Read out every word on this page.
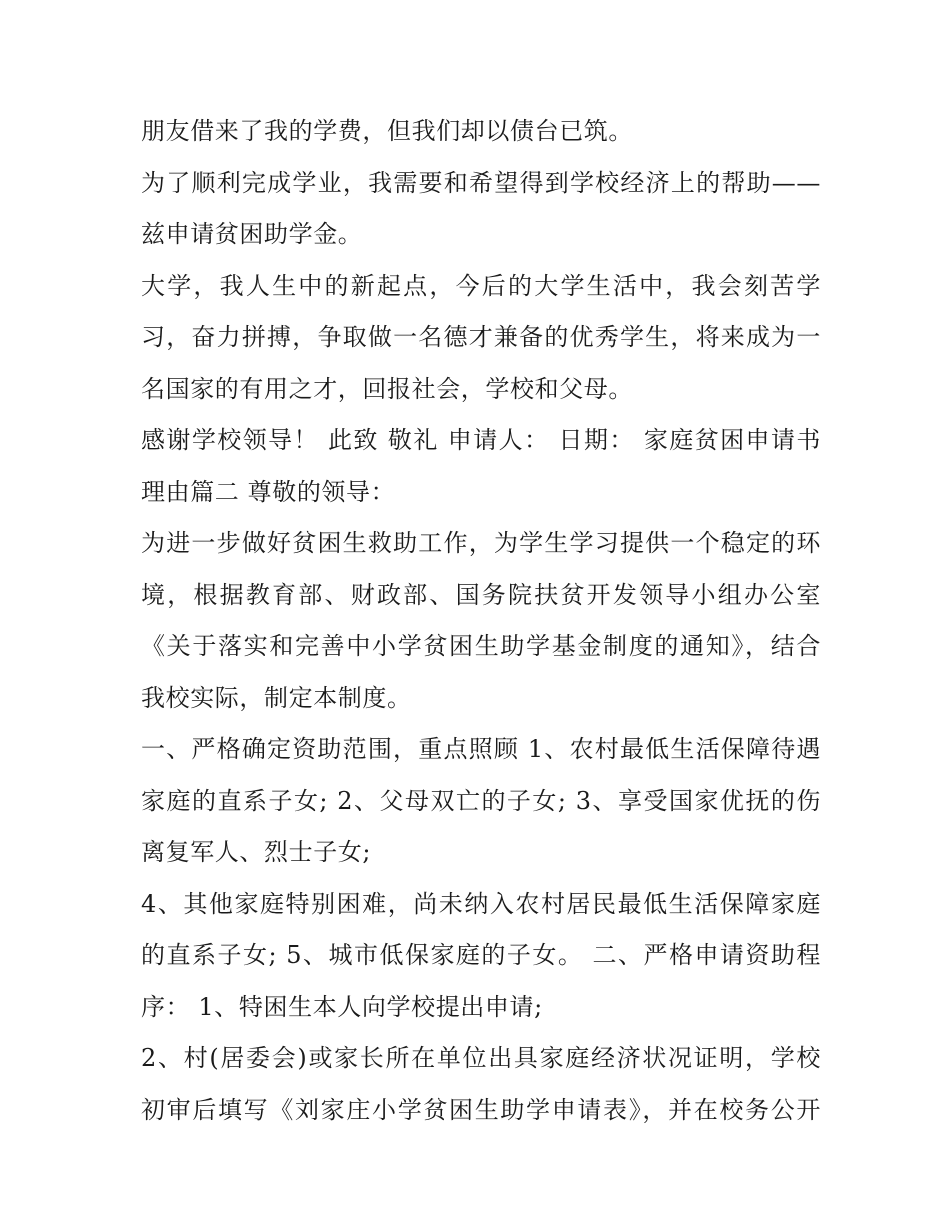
朋友借来了我的学费，但我们却以债台已筑。
为了顺利完成学业，我需要和希望得到学校经济上的帮助——
兹申请贫困助学金。
大学，我人生中的新起点，今后的大学生活中，我会刻苦学
习，奋力拼搏，争取做一名德才兼备的优秀学生，将来成为一
名国家的有用之才，回报社会，学校和父母。
感谢学校领导！ 此致 敬礼 申请人： 日期： 家庭贫困申请书
理由篇二 尊敬的领导：
为进一步做好贫困生救助工作，为学生学习提供一个稳定的环
境，根据教育部、财政部、国务院扶贫开发领导小组办公室
《关于落实和完善中小学贫困生助学基金制度的通知》，结合
我校实际，制定本制度。
一、严格确定资助范围，重点照顾 1、农村最低生活保障待遇
家庭的直系子女; 2、父母双亡的子女; 3、享受国家优抚的伤
离复军人、烈士子女;
4、其他家庭特别困难，尚未纳入农村居民最低生活保障家庭
的直系子女; 5、城市低保家庭的子女。 二、严格申请资助程
序： 1、特困生本人向学校提出申请;
2、村(居委会)或家长所在单位出具家庭经济状况证明，学校
初审后填写《刘家庄小学贫困生助学申请表》，并在校务公开
